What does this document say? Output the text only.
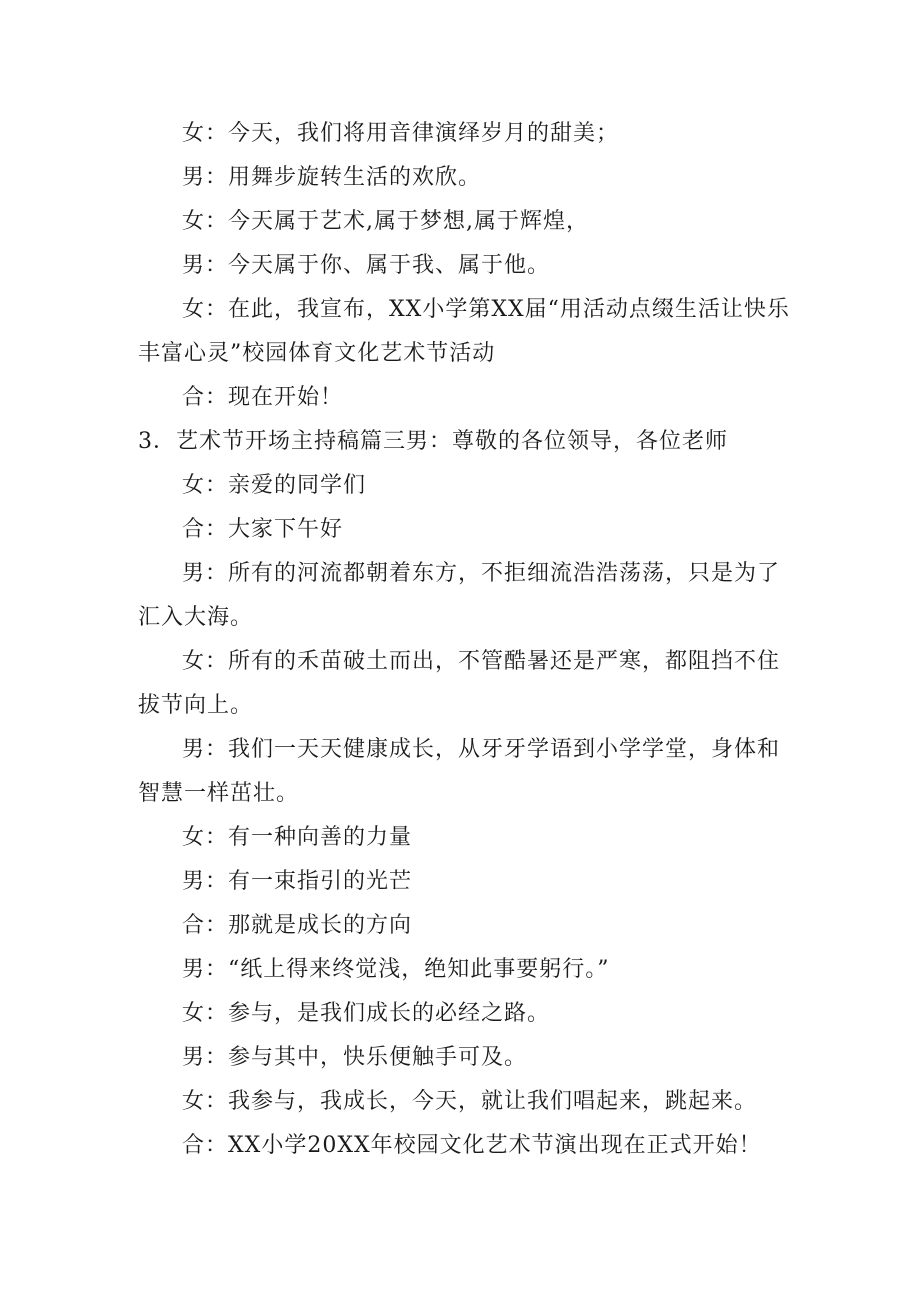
女：今天，我们将用音律演绎岁月的甜美；

男：用舞步旋转生活的欢欣。

女：今天属于艺术,属于梦想,属于辉煌，

男：今天属于你、属于我、属于他。

女：在此，我宣布，XX小学第XX届“用活动点缀生活让快乐丰富心灵”校园体育文化艺术节活动

合：现在开始！

3．艺术节开场主持稿篇三男：尊敬的各位领导，各位老师

女：亲爱的同学们

合：大家下午好

男：所有的河流都朝着东方，不拒细流浩浩荡荡，只是为了汇入大海。

女：所有的禾苗破土而出，不管酷暑还是严寒，都阻挡不住拔节向上。

男：我们一天天健康成长，从牙牙学语到小学学堂，身体和智慧一样茁壮。

女：有一种向善的力量

男：有一束指引的光芒

合：那就是成长的方向

男：“纸上得来终觉浅，绝知此事要躬行。”

女：参与，是我们成长的必经之路。

男：参与其中，快乐便触手可及。

女：我参与，我成长，今天，就让我们唱起来，跳起来。

合：XX小学20XX年校园文化艺术节演出现在正式开始！
